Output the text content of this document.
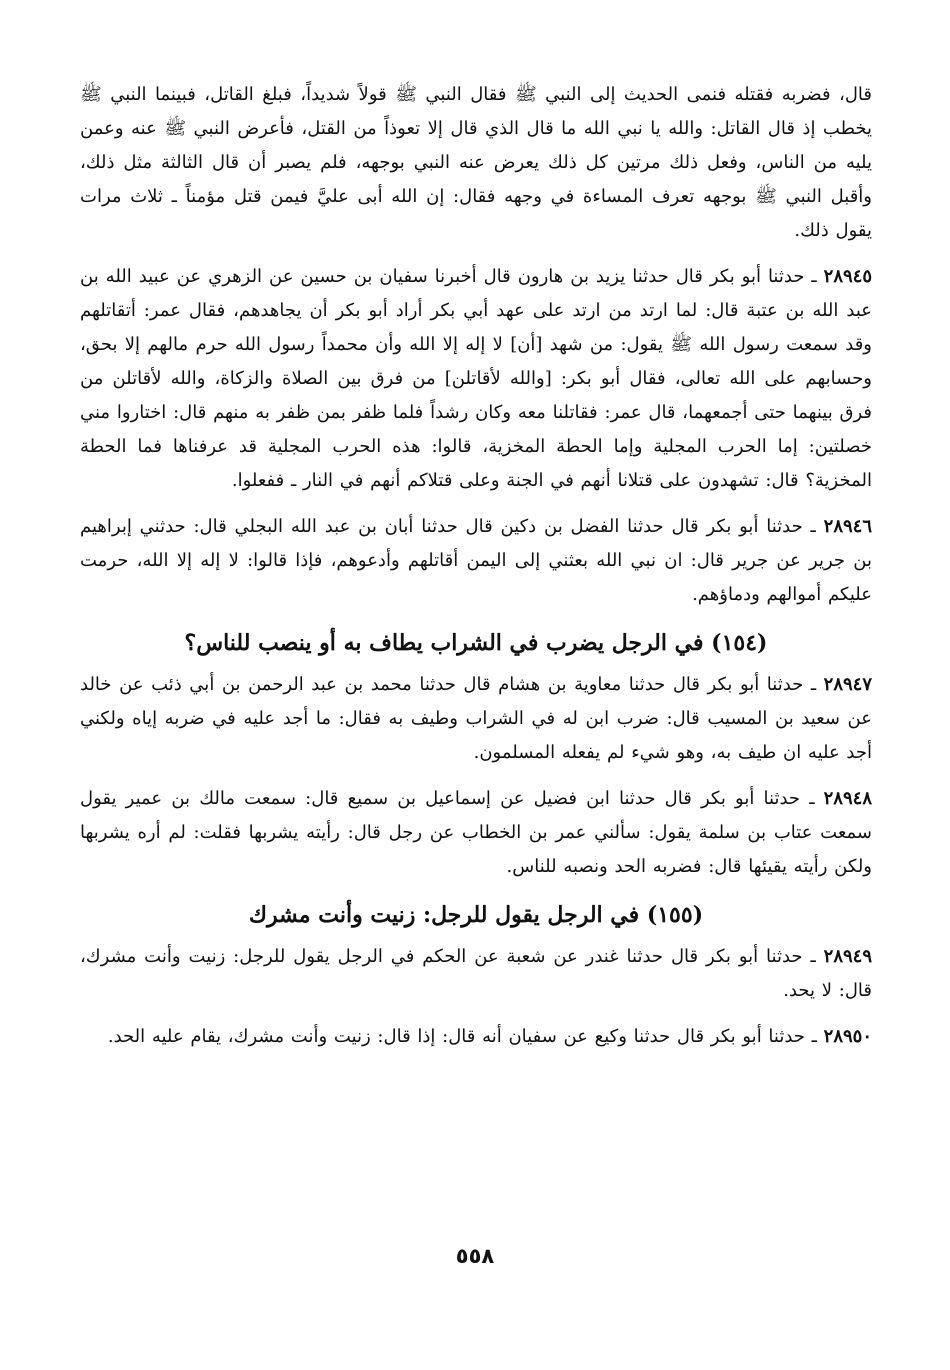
قال، فضربه فقتله فنمى الحديث إلى النبي ﷺ فقال النبي ﷺ قولاً شديداً، فبلغ القاتل، فبينما النبي ﷺ يخطب إذ قال القاتل: والله يا نبي الله ما قال الذي قال إلا تعوذاً من القتل، فأعرض النبي ﷺ عنه وعمن يليه من الناس، وفعل ذلك مرتين كل ذلك يعرض عنه النبي بوجهه، فلم يصبر أن قال الثالثة مثل ذلك، وأقبل النبي ﷺ بوجهه تعرف المساءة في وجهه فقال: إن الله أبى عليَّ فيمن قتل مؤمناً ـ ثلاث مرات يقول ذلك.

٢٨٩٤٥ ـ حدثنا أبو بكر قال حدثنا يزيد بن هارون قال أخبرنا سفيان بن حسين عن الزهري عن عبيد الله بن عبد الله بن عتبة قال: لما ارتد من ارتد على عهد أبي بكر أراد أبو بكر أن يجاهدهم، فقال عمر: أتقاتلهم وقد سمعت رسول الله ﷺ يقول: من شهد [أن] لا إله إلا الله وأن محمداً رسول الله حرم مالهم إلا بحق، وحسابهم على الله تعالى، فقال أبو بكر: [والله لأقاتلن] من فرق بين الصلاة والزكاة، والله لأقاتلن من فرق بينهما حتى أجمعهما، قال عمر: فقاتلنا معه وكان رشداً فلما ظفر بمن ظفر به منهم قال: اختاروا مني خصلتين: إما الحرب المجلية وإما الحطة المخزية، قالوا: هذه الحرب المجلية قد عرفناها فما الحطة المخزية؟ قال: تشهدون على قتلانا أنهم في الجنة وعلى قتلاكم أنهم في النار ـ ففعلوا.

٢٨٩٤٦ ـ حدثنا أبو بكر قال حدثنا الفضل بن دكين قال حدثنا أبان بن عبد الله البجلي قال: حدثني إبراهيم بن جرير عن جرير قال: ان نبي الله بعثني إلى اليمن أقاتلهم وأدعوهم، فإذا قالوا: لا إله إلا الله، حرمت عليكم أموالهم ودماؤهم.

(١٥٤) في الرجل يضرب في الشراب يطاف به أو ينصب للناس؟

٢٨٩٤٧ ـ حدثنا أبو بكر قال حدثنا معاوية بن هشام قال حدثنا محمد بن عبد الرحمن بن أبي ذئب عن خالد عن سعيد بن المسيب قال: ضرب ابن له في الشراب وطيف به فقال: ما أجد عليه في ضربه إياه ولكني أجد عليه ان طيف به، وهو شيء لم يفعله المسلمون.

٢٨٩٤٨ ـ حدثنا أبو بكر قال حدثنا ابن فضيل عن إسماعيل بن سميع قال: سمعت مالك بن عمير يقول سمعت عتاب بن سلمة يقول: سألني عمر بن الخطاب عن رجل قال: رأيته يشربها فقلت: لم أره يشربها ولكن رأيته يقيئها قال: فضربه الحد ونصبه للناس.

(١٥٥) في الرجل يقول للرجل: زنيت وأنت مشرك

٢٨٩٤٩ ـ حدثنا أبو بكر قال حدثنا غندر عن شعبة عن الحكم في الرجل يقول للرجل: زنيت وأنت مشرك، قال: لا يحد.

٢٨٩٥٠ ـ حدثنا أبو بكر قال حدثنا وكيع عن سفيان أنه قال: إذا قال: زنيت وأنت مشرك، يقام عليه الحد.

٥٥٨
